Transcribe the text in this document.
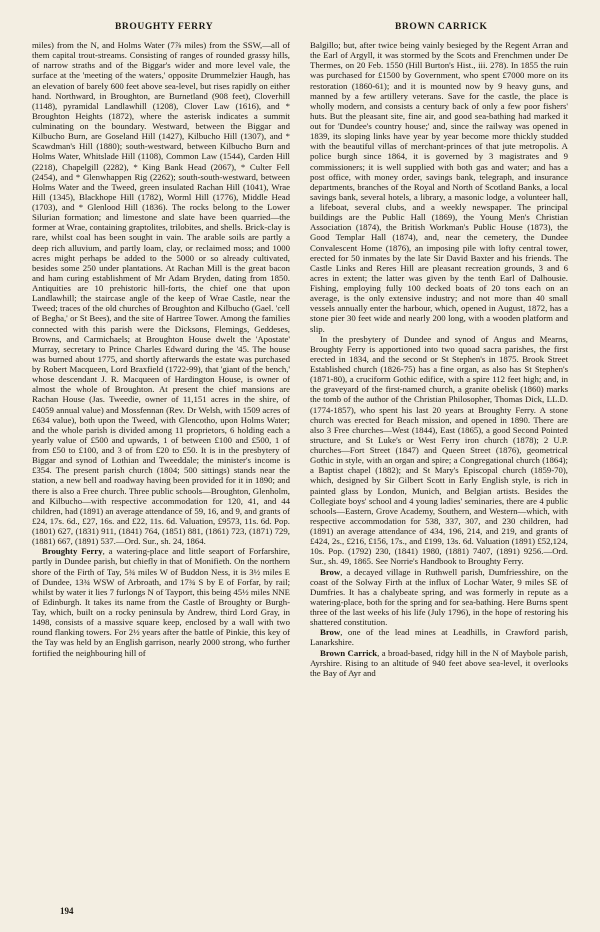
BROUGHTY FERRY	BROWN CARRICK

miles) from the N, and Holms Water (7⅞ miles) from the SSW,—all of them capital trout-streams. Consisting of ranges of rounded grassy hills, of narrow straths and of the Biggar's wider and more level vale, the surface at the 'meeting of the waters,' opposite Drummelzier Haugh, has an elevation of barely 600 feet above sea-level, but rises rapidly on either hand. Northward, in Broughton, are Burnetland (908 feet), Cloverhill (1148), pyramidal Landlawhill (1208), Clover Law (1616), and * Broughton Heights (1872), where the asterisk indicates a summit culminating on the boundary. Westward, between the Biggar and Kilbucho Burn, are Goseland Hill (1427), Kilbucho Hill (1307), and * Scawdman's Hill (1880); south-westward, between Kilbucho Burn and Holms Water, Whitslade Hill (1108), Common Law (1544), Carden Hill (2218), Chapelgill (2282), * King Bank Head (2067), * Culter Fell (2454), and * Glenwhappen Rig (2262); south-south-westward, between Holms Water and the Tweed, green insulated Rachan Hill (1041), Wrae Hill (1345), Blackhope Hill (1782), Worml Hill (1776), Middle Head (1703), and * Glenlood Hill (1836). The rocks belong to the Lower Silurian formation; and limestone and slate have been quarried—the former at Wrae, containing graptolites, trilobites, and shells. Brick-clay is rare, whilst coal has been sought in vain. The arable soils are partly a deep rich alluvium, and partly loam, clay, or reclaimed moss; and 1000 acres might perhaps be added to the 5000 or so already cultivated, besides some 250 under plantations. At Rachan Mill is the great bacon and ham curing establishment of Mr Adam Bryden, dating from 1850. Antiquities are 10 prehistoric hill-forts, the chief one that upon Landlawhill; the staircase angle of the keep of Wrae Castle, near the Tweed; traces of the old churches of Broughton and Kilbucho (Gael. 'cell of Begha,' or St Bees), and the site of Hartree Tower. Among the families connected with this parish were the Dicksons, Flemings, Geddeses, Browns, and Carmichaels; at Broughton House dwelt the 'Apostate' Murray, secretary to Prince Charles Edward during the '45. The house was burned about 1775, and shortly afterwards the estate was purchased by Robert Macqueen, Lord Braxfield (1722-99), that 'giant of the bench,' whose descendant J. R. Macqueen of Hardington House, is owner of almost the whole of Broughton. At present the chief mansions are Rachan House (Jas. Tweedie, owner of 11,151 acres in the shire, of £4059 annual value) and Mossfennan (Rev. Dr Welsh, with 1509 acres of £634 value), both upon the Tweed, with Glencotho, upon Holms Water; and the whole parish is divided among 11 proprietors, 6 holding each a yearly value of £500 and upwards, 1 of between £100 and £500, 1 of from £50 to £100, and 3 of from £20 to £50. It is in the presbytery of Biggar and synod of Lothian and Tweeddale; the minister's income is £354. The present parish church (1804; 500 sittings) stands near the station, a new bell and roadway having been provided for it in 1890; and there is also a Free church. Three public schools—Broughton, Glenholm, and Kilbucho—with respective accommodation for 120, 41, and 44 children, had (1891) an average attendance of 59, 16, and 9, and grants of £24, 17s. 6d., £27, 16s. and £22, 11s. 6d. Valuation, £9573, 11s. 6d. Pop. (1801) 627, (1831) 911, (1841) 764, (1851) 881, (1861) 723, (1871) 729, (1881) 667, (1891) 537.—Ord. Sur., sh. 24, 1864.

Broughty Ferry, a watering-place and little seaport of Forfarshire, partly in Dundee parish, but chiefly in that of Monifieth. On the northern shore of the Firth of Tay, 5¾ miles W of Buddon Ness, it is 3½ miles E of Dundee, 13¾ WSW of Arbroath, and 17¾ S by E of Forfar, by rail; whilst by water it lies 7 furlongs N of Tayport, this being 45½ miles NNE of Edinburgh. It takes its name from the Castle of Broughty or Burgh-Tay, which, built on a rocky peninsula by Andrew, third Lord Gray, in 1498, consists of a massive square keep, enclosed by a wall with two round flanking towers. For 2½ years after the battle of Pinkie, this key of the Tay was held by an English garrison, nearly 2000 strong, who further fortified the neighbouring hill of

Balgillo; but, after twice being vainly besieged by the Regent Arran and the Earl of Argyll, it was stormed by the Scots and Frenchmen under De Thermes, on 20 Feb. 1550 (Hill Burton's Hist., iii. 278). In 1855 the ruin was purchased for £1500 by Government, who spent £7000 more on its restoration (1860-61); and it is mounted now by 9 heavy guns, and manned by a few artillery veterans. Save for the castle, the place is wholly modern, and consists a century back of only a few poor fishers' huts. But the pleasant site, fine air, and good sea-bathing had marked it out for 'Dundee's country house;' and, since the railway was opened in 1839, its sloping links have year by year become more thickly studded with the beautiful villas of merchant-princes of that jute metropolis. A police burgh since 1864, it is governed by 3 magistrates and 9 commissioners; it is well supplied with both gas and water; and has a post office, with money order, savings bank, telegraph, and insurance departments, branches of the Royal and North of Scotland Banks, a local savings bank, several hotels, a library, a masonic lodge, a volunteer hall, a lifeboat, several clubs, and a weekly newspaper. The principal buildings are the Public Hall (1869), the Young Men's Christian Association (1874), the British Workman's Public House (1873), the Good Templar Hall (1874), and, near the cemetery, the Dundee Convalescent Home (1876), an imposing pile with lofty central tower, erected for 50 inmates by the late Sir David Baxter and his friends. The Castle Links and Reres Hill are pleasant recreation grounds, 3 and 6 acres in extent; the latter was given by the tenth Earl of Dalhousie. Fishing, employing fully 100 decked boats of 20 tons each on an average, is the only extensive industry; and not more than 40 small vessels annually enter the harbour, which, opened in August, 1872, has a stone pier 30 feet wide and nearly 200 long, with a wooden platform and slip.

In the presbytery of Dundee and synod of Angus and Mearns, Broughty Ferry is apportioned into two quoad sacra parishes, the first erected in 1834, and the second or St Stephen's in 1875. Brook Street Established church (1826-75) has a fine organ, as also has St Stephen's (1871-80), a cruciform Gothic edifice, with a spire 112 feet high; and, in the graveyard of the first-named church, a granite obelisk (1860) marks the tomb of the author of the Christian Philosopher, Thomas Dick, LL.D. (1774-1857), who spent his last 20 years at Broughty Ferry. A stone church was erected for Beach mission, and opened in 1890. There are also 3 Free churches—West (1844), East (1865), a good Second Pointed structure, and St Luke's or West Ferry iron church (1878); 2 U.P. churches—Fort Street (1847) and Queen Street (1876), geometrical Gothic in style, with an organ and spire; a Congregational church (1864); a Baptist chapel (1882); and St Mary's Episcopal church (1859-70), which, designed by Sir Gilbert Scott in Early English style, is rich in painted glass by London, Munich, and Belgian artists. Besides the Collegiate boys' school and 4 young ladies' seminaries, there are 4 public schools—Eastern, Grove Academy, Southern, and Western—which, with respective accommodation for 538, 337, 307, and 230 children, had (1891) an average attendance of 434, 196, 214, and 219, and grants of £424, 2s., £216, £156, 17s., and £199, 13s. 6d. Valuation (1891) £52,124, 10s. Pop. (1792) 230, (1841) 1980, (1881) 7407, (1891) 9256.—Ord. Sur., sh. 49, 1865. See Norrie's Handbook to Broughty Ferry.

Brow, a decayed village in Ruthwell parish, Dumfriesshire, on the coast of the Solway Firth at the influx of Lochar Water, 9 miles SE of Dumfries. It has a chalybeate spring, and was formerly in repute as a watering-place, both for the spring and for sea-bathing. Here Burns spent three of the last weeks of his life (July 1796), in the hope of restoring his shattered constitution.

Brow, one of the lead mines at Leadhills, in Crawford parish, Lanarkshire.

Brown Carrick, a broad-based, ridgy hill in the N of Maybole parish, Ayrshire. Rising to an altitude of 940 feet above sea-level, it overlooks the Bay of Ayr and

194
